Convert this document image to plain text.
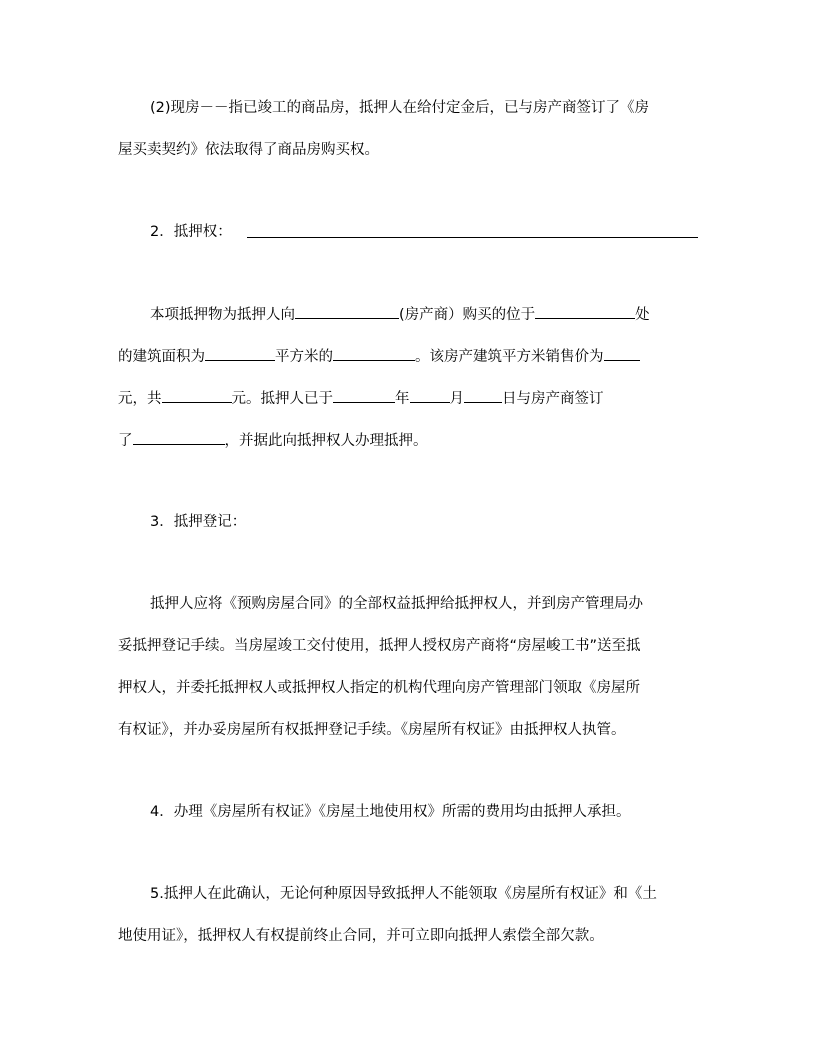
(2)现房－－指已竣工的商品房，抵押人在给付定金后，已与房产商签订了《房
屋买卖契约》依法取得了商品房购买权。
2．抵押权：
本项抵押物为抵押人向	(房产商）购买的位于	处
的建筑面积为	平方米的	。该房产建筑平方米销售价为
元，共	元。抵押人已于	年	月	日与房产商签订
了	，并据此向抵押权人办理抵押。
3．抵押登记：
抵押人应将《预购房屋合同》的全部权益抵押给抵押权人，并到房产管理局办
妥抵押登记手续。当房屋竣工交付使用，抵押人授权房产商将“房屋峻工书”送至抵
押权人，并委托抵押权人或抵押权人指定的机构代理向房产管理部门领取《房屋所
有权证》，并办妥房屋所有权抵押登记手续。《房屋所有权证》由抵押权人执管。
4．办理《房屋所有权证》《房屋土地使用权》所需的费用均由抵押人承担。
5.抵押人在此确认，无论何种原因导致抵押人不能领取《房屋所有权证》和《土
地使用证》，抵押权人有权提前终止合同，并可立即向抵押人索偿全部欠款。
